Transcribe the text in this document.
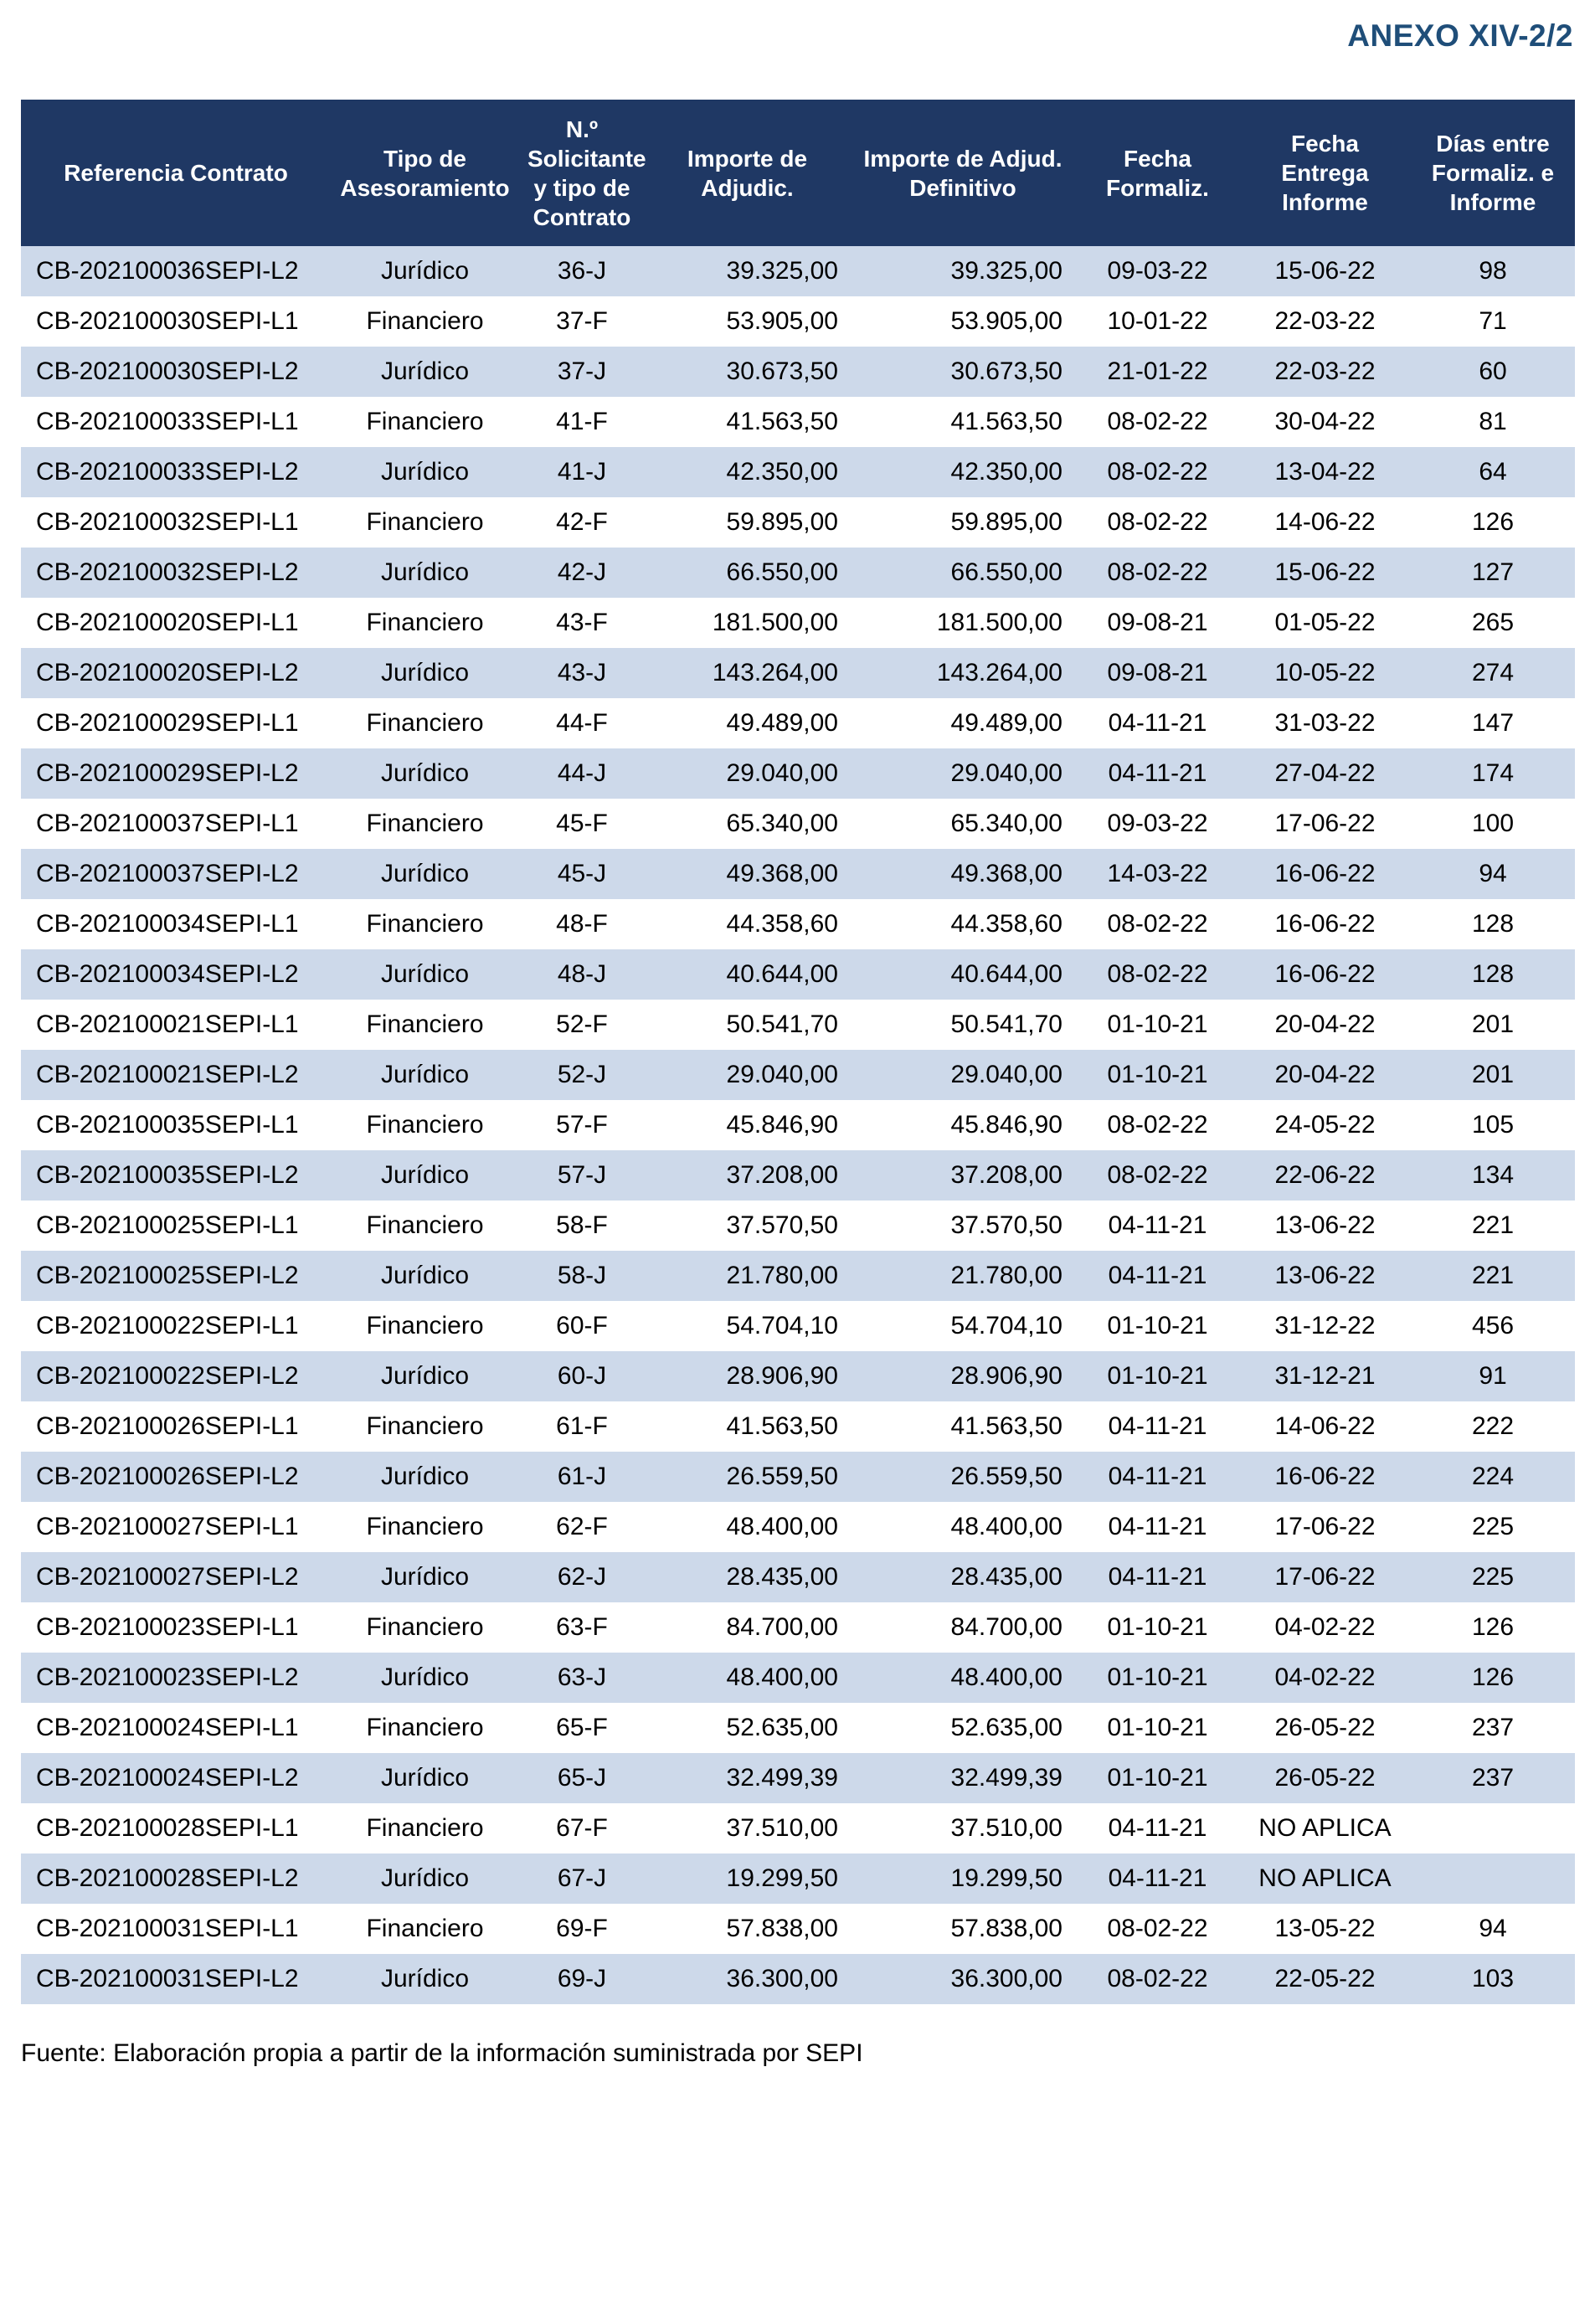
ANEXO XIV-2/2
Referencia Contrato	Tipo de Asesoramiento	N.º Solicitante y tipo de Contrato	Importe de Adjudic.	Importe de Adjud. Definitivo	Fecha Formaliz.	Fecha Entrega Informe	Días entre Formaliz. e Informe
CB-202100036SEPI-L2	Jurídico	36-J	39.325,00	39.325,00	09-03-22	15-06-22	98
CB-202100030SEPI-L1	Financiero	37-F	53.905,00	53.905,00	10-01-22	22-03-22	71
CB-202100030SEPI-L2	Jurídico	37-J	30.673,50	30.673,50	21-01-22	22-03-22	60
CB-202100033SEPI-L1	Financiero	41-F	41.563,50	41.563,50	08-02-22	30-04-22	81
CB-202100033SEPI-L2	Jurídico	41-J	42.350,00	42.350,00	08-02-22	13-04-22	64
CB-202100032SEPI-L1	Financiero	42-F	59.895,00	59.895,00	08-02-22	14-06-22	126
CB-202100032SEPI-L2	Jurídico	42-J	66.550,00	66.550,00	08-02-22	15-06-22	127
CB-202100020SEPI-L1	Financiero	43-F	181.500,00	181.500,00	09-08-21	01-05-22	265
CB-202100020SEPI-L2	Jurídico	43-J	143.264,00	143.264,00	09-08-21	10-05-22	274
CB-202100029SEPI-L1	Financiero	44-F	49.489,00	49.489,00	04-11-21	31-03-22	147
CB-202100029SEPI-L2	Jurídico	44-J	29.040,00	29.040,00	04-11-21	27-04-22	174
CB-202100037SEPI-L1	Financiero	45-F	65.340,00	65.340,00	09-03-22	17-06-22	100
CB-202100037SEPI-L2	Jurídico	45-J	49.368,00	49.368,00	14-03-22	16-06-22	94
CB-202100034SEPI-L1	Financiero	48-F	44.358,60	44.358,60	08-02-22	16-06-22	128
CB-202100034SEPI-L2	Jurídico	48-J	40.644,00	40.644,00	08-02-22	16-06-22	128
CB-202100021SEPI-L1	Financiero	52-F	50.541,70	50.541,70	01-10-21	20-04-22	201
CB-202100021SEPI-L2	Jurídico	52-J	29.040,00	29.040,00	01-10-21	20-04-22	201
CB-202100035SEPI-L1	Financiero	57-F	45.846,90	45.846,90	08-02-22	24-05-22	105
CB-202100035SEPI-L2	Jurídico	57-J	37.208,00	37.208,00	08-02-22	22-06-22	134
CB-202100025SEPI-L1	Financiero	58-F	37.570,50	37.570,50	04-11-21	13-06-22	221
CB-202100025SEPI-L2	Jurídico	58-J	21.780,00	21.780,00	04-11-21	13-06-22	221
CB-202100022SEPI-L1	Financiero	60-F	54.704,10	54.704,10	01-10-21	31-12-22	456
CB-202100022SEPI-L2	Jurídico	60-J	28.906,90	28.906,90	01-10-21	31-12-21	91
CB-202100026SEPI-L1	Financiero	61-F	41.563,50	41.563,50	04-11-21	14-06-22	222
CB-202100026SEPI-L2	Jurídico	61-J	26.559,50	26.559,50	04-11-21	16-06-22	224
CB-202100027SEPI-L1	Financiero	62-F	48.400,00	48.400,00	04-11-21	17-06-22	225
CB-202100027SEPI-L2	Jurídico	62-J	28.435,00	28.435,00	04-11-21	17-06-22	225
CB-202100023SEPI-L1	Financiero	63-F	84.700,00	84.700,00	01-10-21	04-02-22	126
CB-202100023SEPI-L2	Jurídico	63-J	48.400,00	48.400,00	01-10-21	04-02-22	126
CB-202100024SEPI-L1	Financiero	65-F	52.635,00	52.635,00	01-10-21	26-05-22	237
CB-202100024SEPI-L2	Jurídico	65-J	32.499,39	32.499,39	01-10-21	26-05-22	237
CB-202100028SEPI-L1	Financiero	67-F	37.510,00	37.510,00	04-11-21	NO APLICA	
CB-202100028SEPI-L2	Jurídico	67-J	19.299,50	19.299,50	04-11-21	NO APLICA	
CB-202100031SEPI-L1	Financiero	69-F	57.838,00	57.838,00	08-02-22	13-05-22	94
CB-202100031SEPI-L2	Jurídico	69-J	36.300,00	36.300,00	08-02-22	22-05-22	103
Fuente: Elaboración propia a partir de la información suministrada por SEPI
